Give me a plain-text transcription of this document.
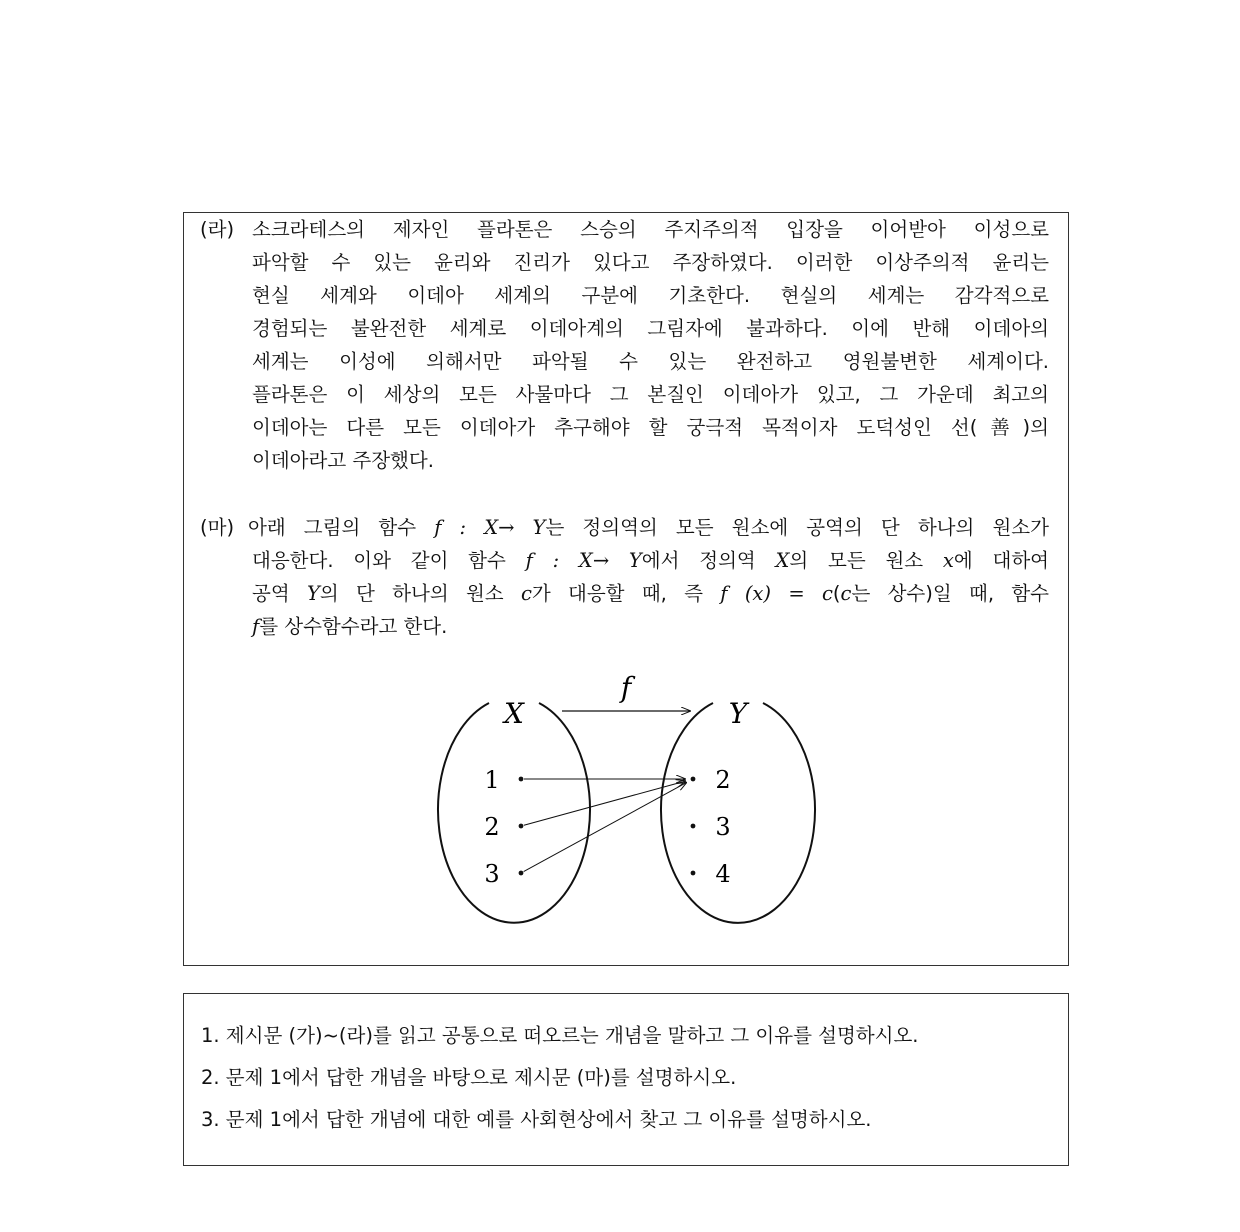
(라) 소크라테스의 제자인 플라톤은 스승의 주지주의적 입장을 이어받아 이성으로
파악할 수 있는 윤리와 진리가 있다고 주장하였다. 이러한 이상주의적 윤리는
현실 세계와 이데아 세계의 구분에 기초한다. 현실의 세계는 감각적으로
경험되는 불완전한 세계로 이데아계의 그림자에 불과하다. 이에 반해 이데아의
세계는 이성에 의해서만 파악될 수 있는 완전하고 영원불변한 세계이다.
플라톤은 이 세상의 모든 사물마다 그 본질인 이데아가 있고, 그 가운데 최고의
이데아는 다른 모든 이데아가 추구해야 할 궁극적 목적이자 도덕성인 선(善)의
이데아라고 주장했다.
(마) 아래 그림의 함수 f : X→ Y는 정의역의 모든 원소에 공역의 단 하나의 원소가
대응한다. 이와 같이 함수 f : X→ Y에서 정의역 X의 모든 원소 x에 대하여
공역 Y의 단 하나의 원소 c가 대응할 때, 즉 f (x) = c(c는 상수)일 때, 함수
f를 상수함수라고 한다.
f
X	Y
1
2
3
2
3
4
1. 제시문 (가)~(라)를 읽고 공통으로 떠오르는 개념을 말하고 그 이유를 설명하시오.
2. 문제 1에서 답한 개념을 바탕으로 제시문 (마)를 설명하시오.
3. 문제 1에서 답한 개념에 대한 예를 사회현상에서 찾고 그 이유를 설명하시오.
